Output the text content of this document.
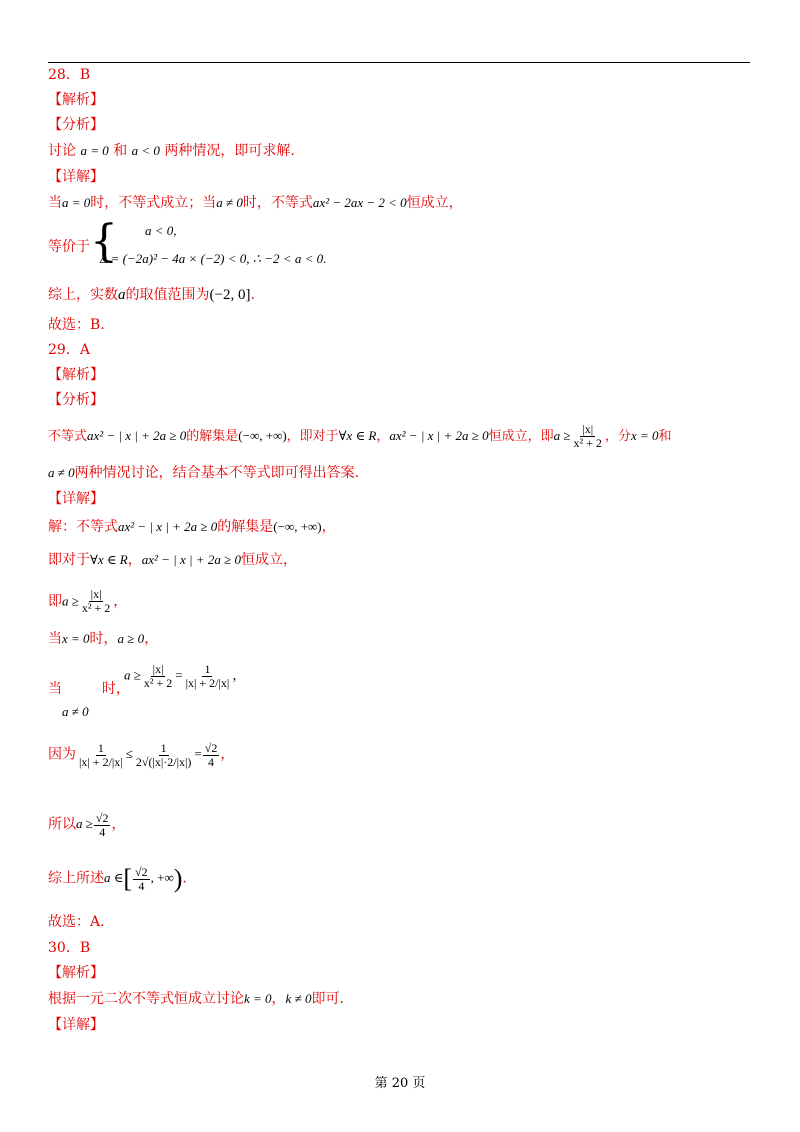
28．B
【解析】
【分析】
讨论 a = 0 和 a < 0 两种情况，即可求解.
【详解】
当a = 0时，不等式成立；当a ≠ 0时，不等式ax² − 2ax − 2 < 0恒成立，
等价于 { a < 0,
Δ = (−2a)² − 4a × (−2) < 0, ∴ −2 < a < 0.
综上，实数a的取值范围为(−2, 0].
故选：B.
29．A
【解析】
【分析】
不等式ax² − | x | + 2a ≥ 0的解集是(−∞, +∞)，即对于∀x ∈ R，ax² − | x | + 2a ≥ 0恒成立，即$a \ge \frac{|x|}{\text{x² + 2}}$ ，分x = 0和
a ≠ 0两种情况讨论，结合基本不等式即可得出答案.
【详解】
解：不等式ax² − | x | + 2a ≥ 0的解集是(−∞, +∞)，
即对于∀x ∈ R，ax² − | x | + 2a ≥ 0恒成立，
即$a \ge \frac{|x|}{\text{x² + 2}}$ ，
当x = 0时，a ≥ 0，
当	时，
a ≠ 0
$a \ge \frac{|x|}{\text{x² + 2}} = \frac{1}{|x| + 2/|x|}$ ，
因为 $\frac{1}{|x| + 2/|x|} \le \frac{1}{2√(|x|\cdot 2/|x|)} = \frac{√2}{4}$ ，
所以$a \ge \frac{√2}{4}$ ，
综上所述a ∈[ $\frac{√2}{4}$ , +∞).
故选：A.
30．B
【解析】
根据一元二次不等式恒成立讨论k = 0，k ≠ 0即可.
【详解】
第 20 页
